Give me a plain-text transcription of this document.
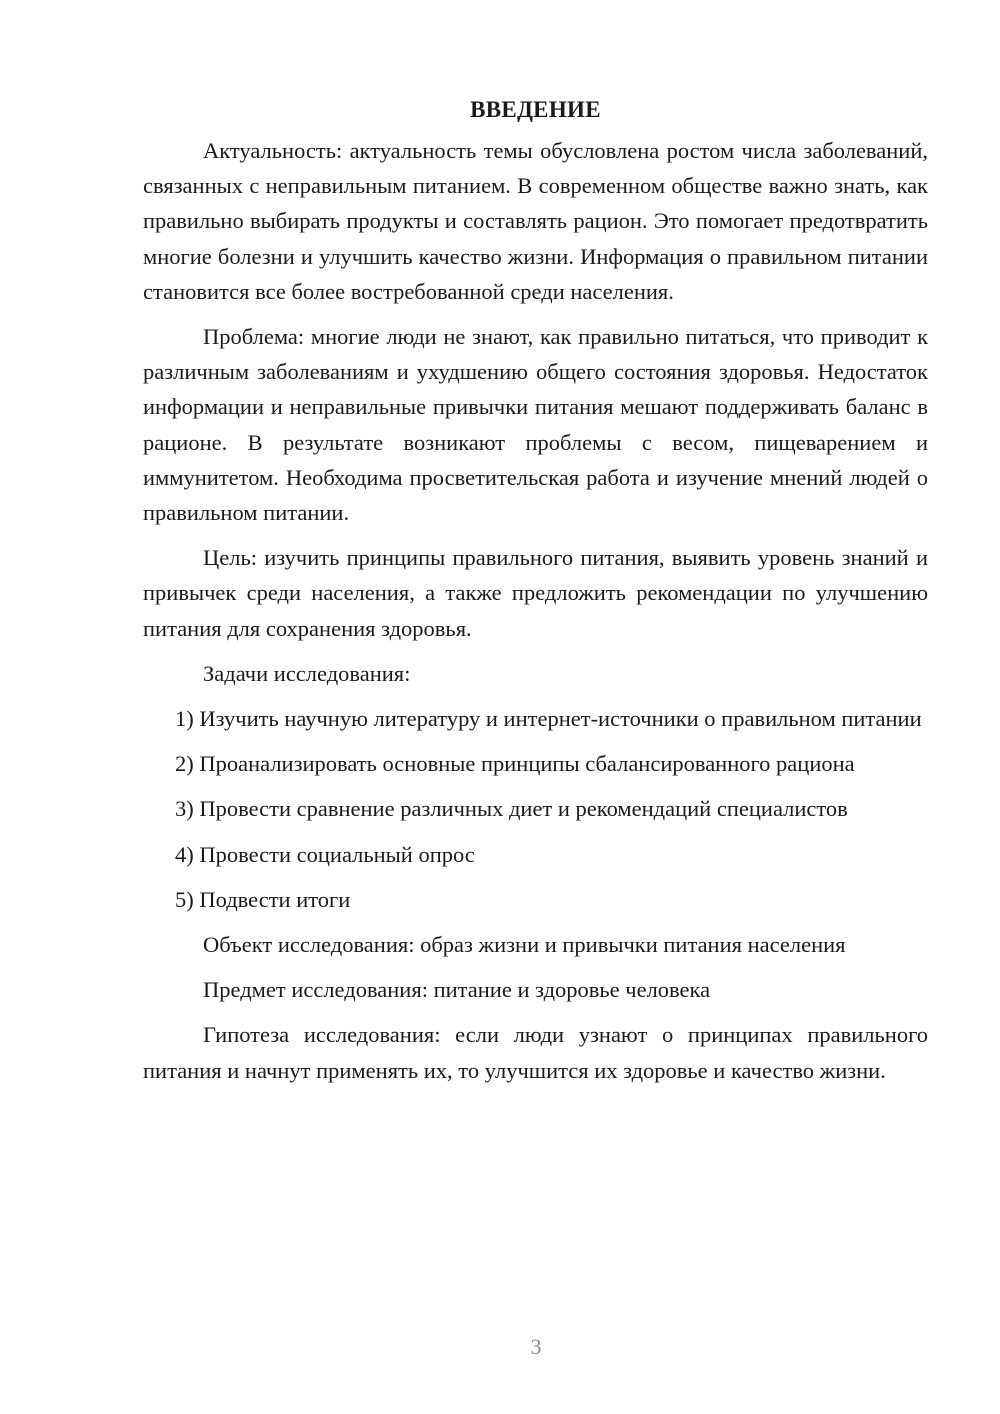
ВВЕДЕНИЕ

Актуальность: актуальность темы обусловлена ростом числа заболеваний, связанных с неправильным питанием. В современном обществе важно знать, как правильно выбирать продукты и составлять рацион. Это помогает предотвратить многие болезни и улучшить качество жизни. Информация о правильном питании становится все более востребованной среди населения.

Проблема: многие люди не знают, как правильно питаться, что приводит к различным заболеваниям и ухудшению общего состояния здоровья. Недостаток информации и неправильные привычки питания мешают поддерживать баланс в рационе. В результате возникают проблемы с весом, пищеварением и иммунитетом. Необходима просветительская работа и изучение мнений людей о правильном питании.

Цель: изучить принципы правильного питания, выявить уровень знаний и привычек среди населения, а также предложить рекомендации по улучшению питания для сохранения здоровья.

Задачи исследования:

1) Изучить научную литературу и интернет-источники о правильном питании

2) Проанализировать основные принципы сбалансированного рациона

3) Провести сравнение различных диет и рекомендаций специалистов

4) Провести социальный опрос

5) Подвести итоги

Объект исследования: образ жизни и привычки питания населения

Предмет исследования: питание и здоровье человека

Гипотеза исследования: если люди узнают о принципах правильного питания и начнут применять их, то улучшится их здоровье и качество жизни.

3
